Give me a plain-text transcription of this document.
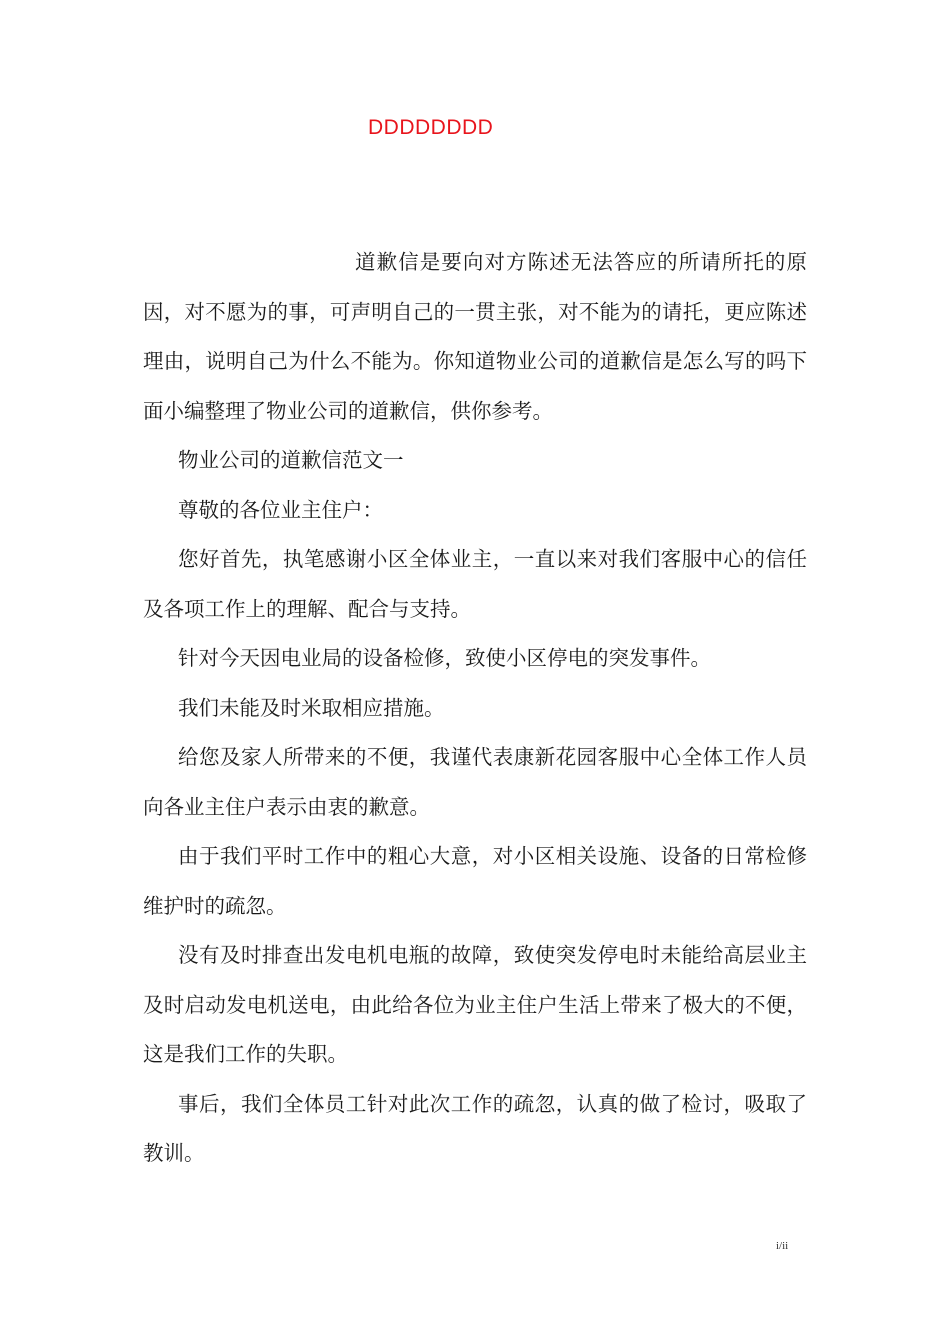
DDDDDDDD

道歉信是要向对方陈述无法答应的所请所托的原因，对不愿为的事，可声明自己的一贯主张，对不能为的请托，更应陈述理由，说明自己为什么不能为。你知道物业公司的道歉信是怎么写的吗下面小编整理了物业公司的道歉信，供你参考。

物业公司的道歉信范文一

尊敬的各位业主住户：

您好首先，执笔感谢小区全体业主，一直以来对我们客服中心的信任及各项工作上的理解、配合与支持。

针对今天因电业局的设备检修，致使小区停电的突发事件。

我们未能及时米取相应措施。

给您及家人所带来的不便，我谨代表康新花园客服中心全体工作人员向各业主住户表示由衷的歉意。

由于我们平时工作中的粗心大意，对小区相关设施、设备的日常检修维护时的疏忽。

没有及时排查出发电机电瓶的故障，致使突发停电时未能给高层业主及时启动发电机送电，由此给各位为业主住户生活上带来了极大的不便，这是我们工作的失职。

事后，我们全体员工针对此次工作的疏忽，认真的做了检讨，吸取了教训。

i/ii
